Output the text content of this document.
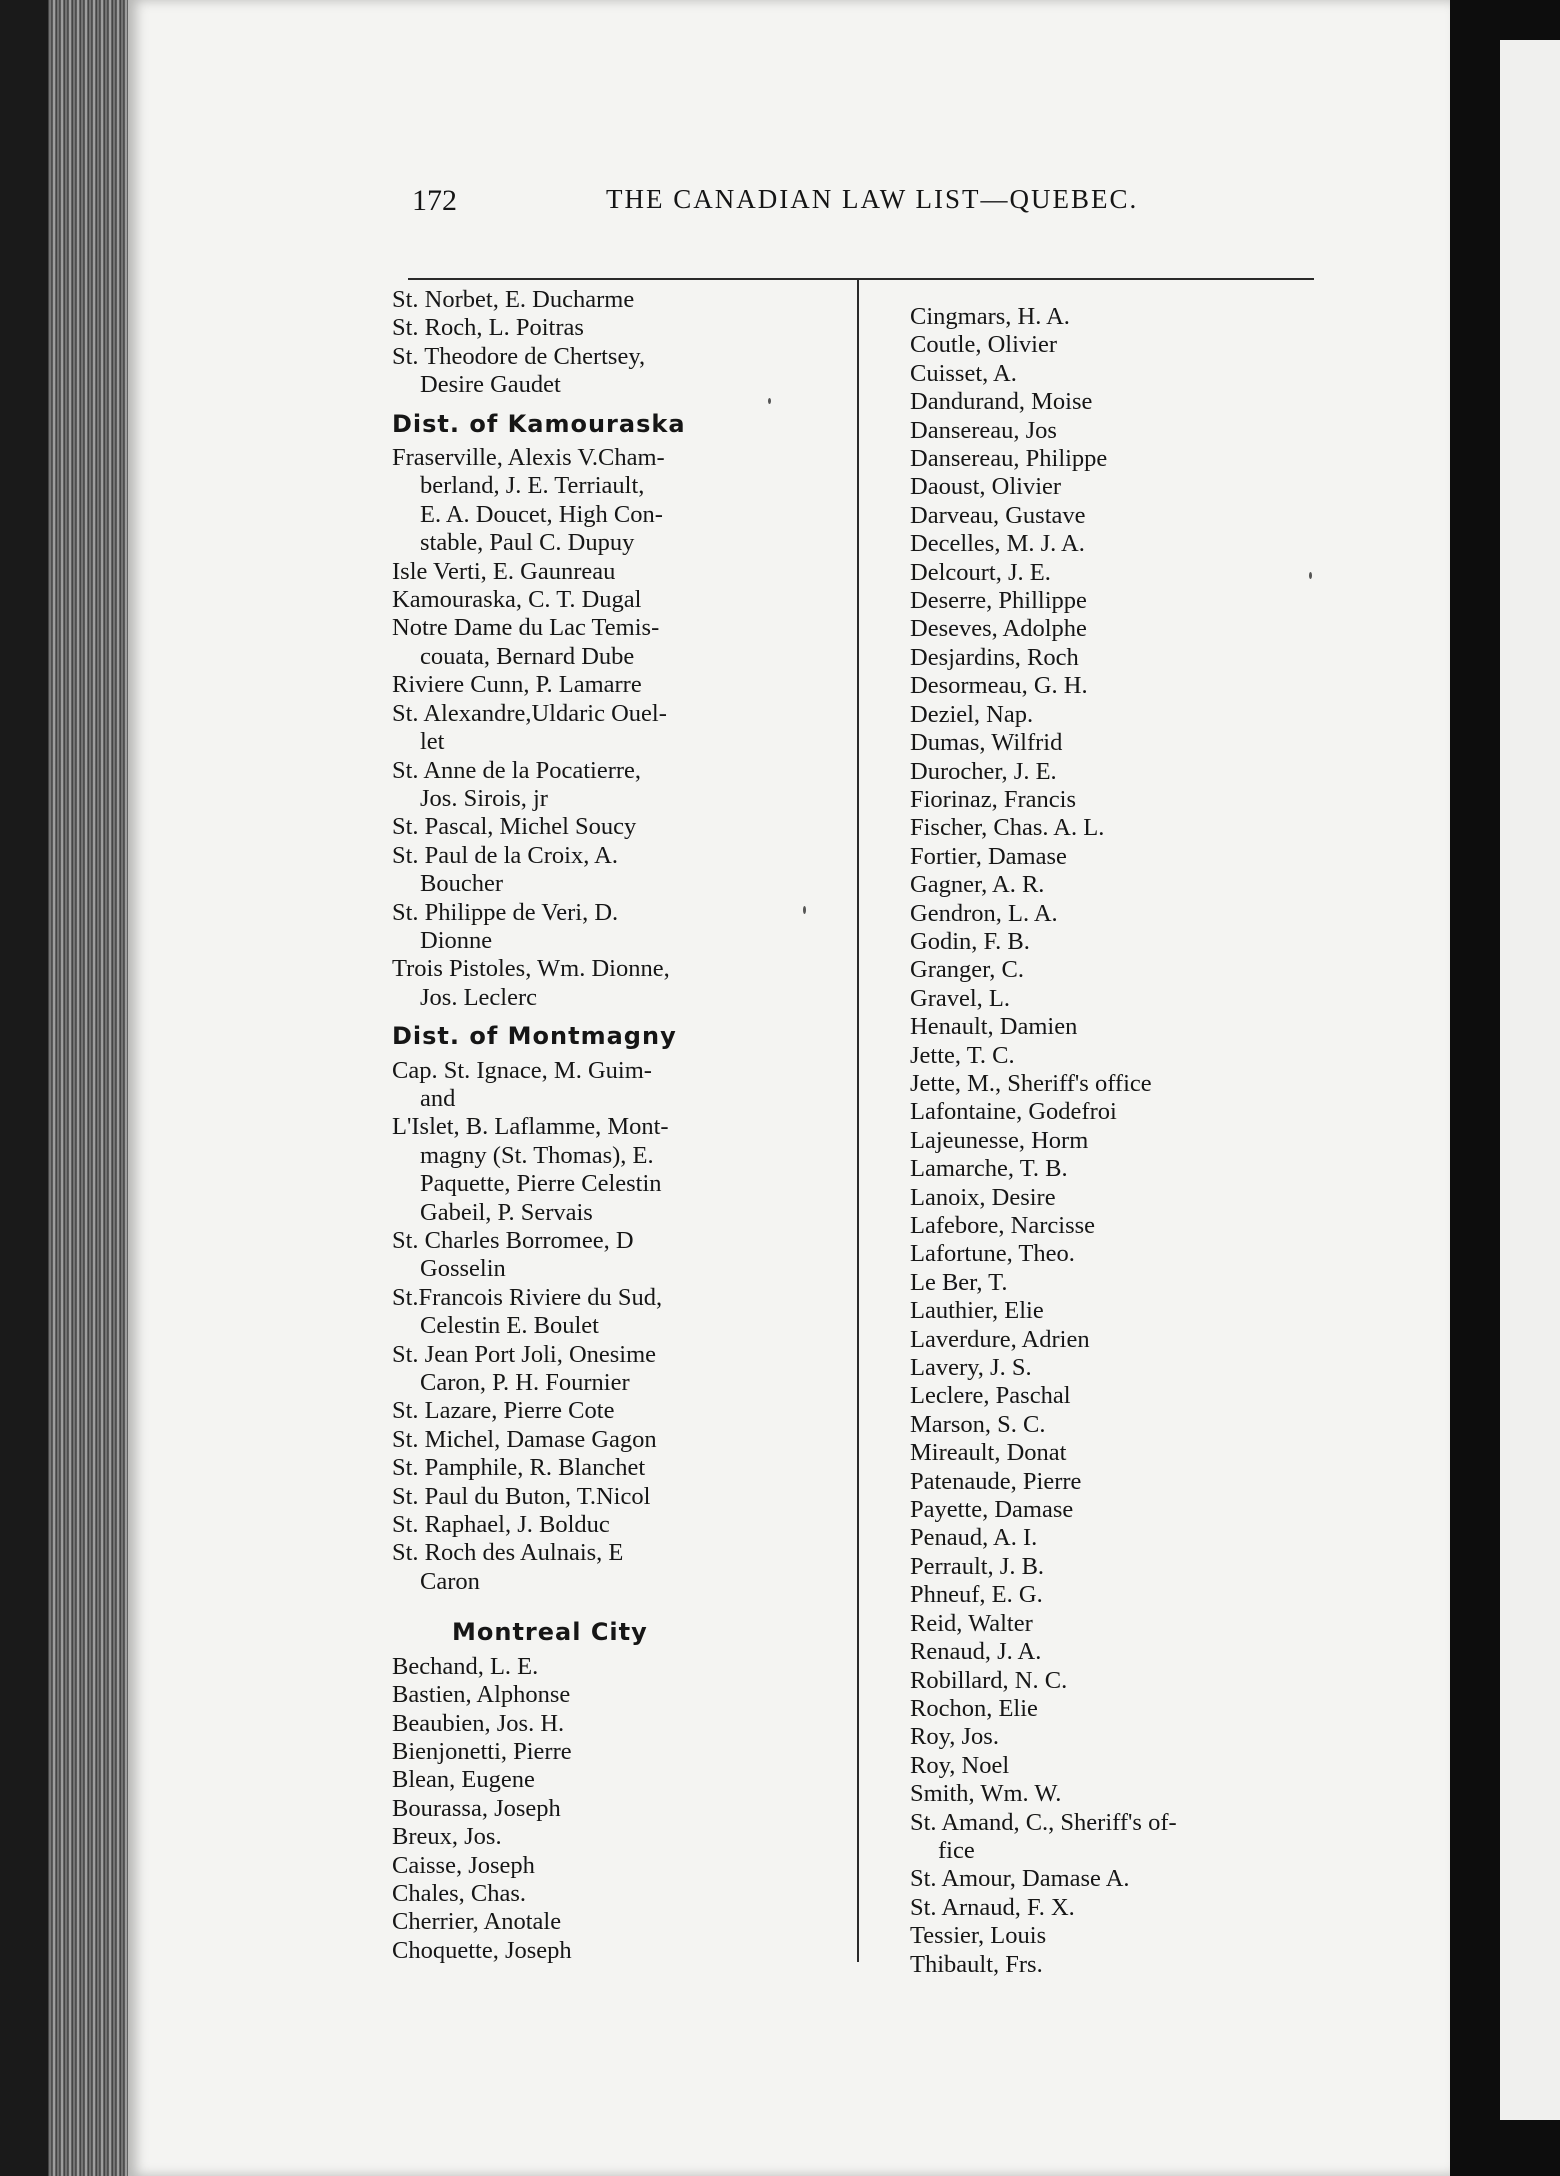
172	THE CANADIAN LAW LIST—QUEBEC.
St. Norbet, E. Ducharme
St. Roch, L. Poitras
St. Theodore de Chertsey,
Desire Gaudet
Dist. of Kamouraska
Fraserville, Alexis V.Cham-
berland, J. E. Terriault,
E. A. Doucet, High Con-
stable, Paul C. Dupuy
Isle Verti, E. Gaunreau
Kamouraska, C. T. Dugal
Notre Dame du Lac Temis-
couata, Bernard Dube
Riviere Cunn, P. Lamarre
St. Alexandre,Uldaric Ouel-
let
St. Anne de la Pocatierre,
Jos. Sirois, jr
St. Pascal, Michel Soucy
St. Paul de la Croix, A.
Boucher
St. Philippe de Veri, D.
Dionne
Trois Pistoles, Wm. Dionne,
Jos. Leclerc
Dist. of Montmagny
Cap. St. Ignace, M. Guim-
and
L'Islet, B. Laflamme, Mont-
magny (St. Thomas), E.
Paquette, Pierre Celestin
Gabeil, P. Servais
St. Charles Borromee, D
Gosselin
St.Francois Riviere du Sud,
Celestin E. Boulet
St. Jean Port Joli, Onesime
Caron, P. H. Fournier
St. Lazare, Pierre Cote
St. Michel, Damase Gagon
St. Pamphile, R. Blanchet
St. Paul du Buton, T.Nicol
St. Raphael, J. Bolduc
St. Roch des Aulnais, E
Caron
Montreal City
Bechand, L. E.
Bastien, Alphonse
Beaubien, Jos. H.
Bienjonetti, Pierre
Blean, Eugene
Bourassa, Joseph
Breux, Jos.
Caisse, Joseph
Chales, Chas.
Cherrier, Anotale
Choquette, Joseph
Cingmars, H. A.
Coutle, Olivier
Cuisset, A.
Dandurand, Moise
Dansereau, Jos
Dansereau, Philippe
Daoust, Olivier
Darveau, Gustave
Decelles, M. J. A.
Delcourt, J. E.
Deserre, Phillippe
Deseves, Adolphe
Desjardins, Roch
Desormeau, G. H.
Deziel, Nap.
Dumas, Wilfrid
Durocher, J. E.
Fiorinaz, Francis
Fischer, Chas. A. L.
Fortier, Damase
Gagner, A. R.
Gendron, L. A.
Godin, F. B.
Granger, C.
Gravel, L.
Henault, Damien
Jette, T. C.
Jette, M., Sheriff's office
Lafontaine, Godefroi
Lajeunesse, Horm
Lamarche, T. B.
Lanoix, Desire
Lafebore, Narcisse
Lafortune, Theo.
Le Ber, T.
Lauthier, Elie
Laverdure, Adrien
Lavery, J. S.
Leclere, Paschal
Marson, S. C.
Mireault, Donat
Patenaude, Pierre
Payette, Damase
Penaud, A. I.
Perrault, J. B.
Phneuf, E. G.
Reid, Walter
Renaud, J. A.
Robillard, N. C.
Rochon, Elie
Roy, Jos.
Roy, Noel
Smith, Wm. W.
St. Amand, C., Sheriff's of-
fice
St. Amour, Damase A.
St. Arnaud, F. X.
Tessier, Louis
Thibault, Frs.
